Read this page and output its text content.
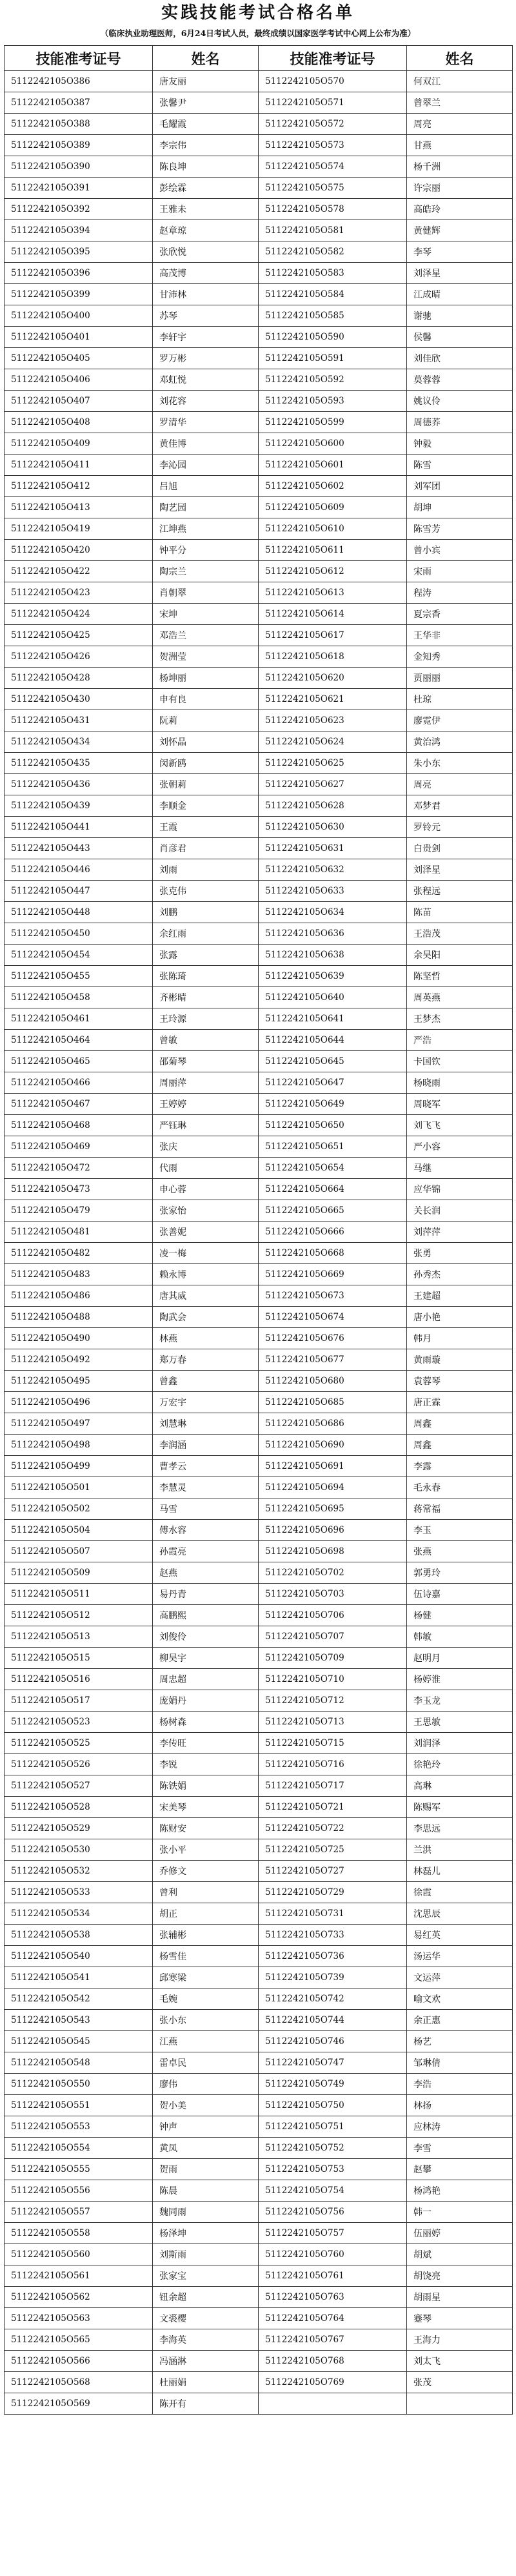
实践技能考试合格名单
（临床执业助理医师，6月24日考试人员，最终成绩以国家医学考试中心网上公布为准）
技能准考证号	姓名	技能准考证号	姓名
5112242105O386	唐友丽	5112242105O570	何双江
5112242105O387	张馨尹	5112242105O571	曾翠兰
5112242105O388	毛耀霞	5112242105O572	周亮
5112242105O389	李宗伟	5112242105O573	甘燕
5112242105O390	陈良坤	5112242105O574	杨千洲
5112242105O391	彭绘霖	5112242105O575	许宗丽
5112242105O392	王雅未	5112242105O578	高皓玲
5112242105O394	赵章琼	5112242105O581	黄健辉
5112242105O395	张欣悦	5112242105O582	李琴
5112242105O396	高茂博	5112242105O583	刘泽星
5112242105O399	甘沛林	5112242105O584	江成晴
5112242105O400	苏琴	5112242105O585	谢驰
5112242105O401	李轩宇	5112242105O590	侯馨
5112242105O405	罗万彬	5112242105O591	刘佳欣
5112242105O406	邓虹悦	5112242105O592	莫蓉蓉
5112242105O407	刘花容	5112242105O593	姚议伶
5112242105O408	罗清华	5112242105O599	周德荞
5112242105O409	黄佳博	5112242105O600	钟毅
5112242105O411	李沁园	5112242105O601	陈雪
5112242105O412	吕旭	5112242105O602	刘军团
5112242105O413	陶艺园	5112242105O609	胡坤
5112242105O419	江坤燕	5112242105O610	陈雪芳
5112242105O420	钟平分	5112242105O611	曾小宾
5112242105O422	陶宗兰	5112242105O612	宋雨
5112242105O423	肖朝翠	5112242105O613	程涛
5112242105O424	宋坤	5112242105O614	夏宗香
5112242105O425	邓浩兰	5112242105O617	王华非
5112242105O426	贺洲莹	5112242105O618	金知秀
5112242105O428	杨坤丽	5112242105O620	贾丽丽
5112242105O430	申有良	5112242105O621	杜琼
5112242105O431	阮莉	5112242105O623	廖霓伊
5112242105O434	刘怀晶	5112242105O624	黄治鸿
5112242105O435	闵新鸥	5112242105O625	朱小东
5112242105O436	张朝莉	5112242105O627	周亮
5112242105O439	李顺金	5112242105O628	邓梦君
5112242105O441	王霞	5112242105O630	罗铃元
5112242105O443	肖彦君	5112242105O631	白贵剑
5112242105O446	刘雨	5112242105O632	刘泽星
5112242105O447	张克伟	5112242105O633	张程远
5112242105O448	刘鹏	5112242105O634	陈苗
5112242105O450	余红雨	5112242105O636	王浩茂
5112242105O454	张露	5112242105O638	余昊阳
5112242105O455	张陈琦	5112242105O639	陈坚哲
5112242105O458	齐彬晴	5112242105O640	周英燕
5112242105O461	王玲源	5112242105O641	王梦杰
5112242105O464	曾敏	5112242105O644	严浩
5112242105O465	邵菊琴	5112242105O645	卡国钦
5112242105O466	周丽萍	5112242105O647	杨晓雨
5112242105O467	王婷婷	5112242105O649	周晓军
5112242105O468	严钰琳	5112242105O650	刘飞飞
5112242105O469	张庆	5112242105O651	严小容
5112242105O472	代雨	5112242105O654	马继
5112242105O473	申心蓉	5112242105O664	应华锦
5112242105O479	张家怡	5112242105O665	关长润
5112242105O481	张善妮	5112242105O666	刘萍萍
5112242105O482	凌一梅	5112242105O668	张勇
5112242105O483	赖永博	5112242105O669	孙秀杰
5112242105O486	唐其威	5112242105O673	王建超
5112242105O488	陶武会	5112242105O674	唐小艳
5112242105O490	林燕	5112242105O676	韩月
5112242105O492	郑万春	5112242105O677	黄雨璇
5112242105O495	曾鑫	5112242105O680	袁蓉琴
5112242105O496	万宏宇	5112242105O685	唐正霖
5112242105O497	刘慧琳	5112242105O686	周鑫
5112242105O498	李润涵	5112242105O690	周鑫
5112242105O499	曹孝云	5112242105O691	李露
5112242105O501	李慧灵	5112242105O694	毛永春
5112242105O502	马雪	5112242105O695	蒋常福
5112242105O504	傅水容	5112242105O696	李玉
5112242105O507	孙霞亮	5112242105O698	张燕
5112242105O509	赵燕	5112242105O702	郭勇玲
5112242105O511	易丹青	5112242105O703	伍诗嘉
5112242105O512	高鹏熙	5112242105O706	杨健
5112242105O513	刘俊伶	5112242105O707	韩敏
5112242105O515	柳昊宇	5112242105O709	赵明月
5112242105O516	周忠超	5112242105O710	杨婷淮
5112242105O517	庞娟丹	5112242105O712	李玉龙
5112242105O523	杨树森	5112242105O713	王思敏
5112242105O525	李传旺	5112242105O715	刘润泽
5112242105O526	李锐	5112242105O716	徐艳玲
5112242105O527	陈铁娟	5112242105O717	高琳
5112242105O528	宋美琴	5112242105O721	陈赐军
5112242105O529	陈财安	5112242105O722	李思远
5112242105O530	张小平	5112242105O725	兰洪
5112242105O532	乔修文	5112242105O727	林磊儿
5112242105O533	曾利	5112242105O729	徐霞
5112242105O534	胡正	5112242105O731	沈思辰
5112242105O538	张辅彬	5112242105O733	易红英
5112242105O540	杨雪佳	5112242105O736	汤运华
5112242105O541	邱寒梁	5112242105O739	文运萍
5112242105O542	毛婉	5112242105O742	喻文欢
5112242105O543	张小东	5112242105O744	余正惠
5112242105O545	江燕	5112242105O746	杨艺
5112242105O548	雷卓民	5112242105O747	邹琳倩
5112242105O550	廖伟	5112242105O749	李浩
5112242105O551	贺小美	5112242105O750	林扬
5112242105O553	钟声	5112242105O751	应林涛
5112242105O554	黄凤	5112242105O752	李雪
5112242105O555	贺雨	5112242105O753	赵攀
5112242105O556	陈晨	5112242105O754	杨鸿艳
5112242105O557	魏同雨	5112242105O756	韩一
5112242105O558	杨泽坤	5112242105O757	伍丽婷
5112242105O560	刘斯雨	5112242105O760	胡斌
5112242105O561	张家宝	5112242105O761	胡饶亮
5112242105O562	钮余超	5112242105O763	胡雨星
5112242105O563	文裘樱	5112242105O764	蹇琴
5112242105O565	李海英	5112242105O767	王海力
5112242105O566	冯涵淋	5112242105O768	刘太飞
5112242105O568	杜丽娟	5112242105O769	张茂
5112242105O569	陈开有		
